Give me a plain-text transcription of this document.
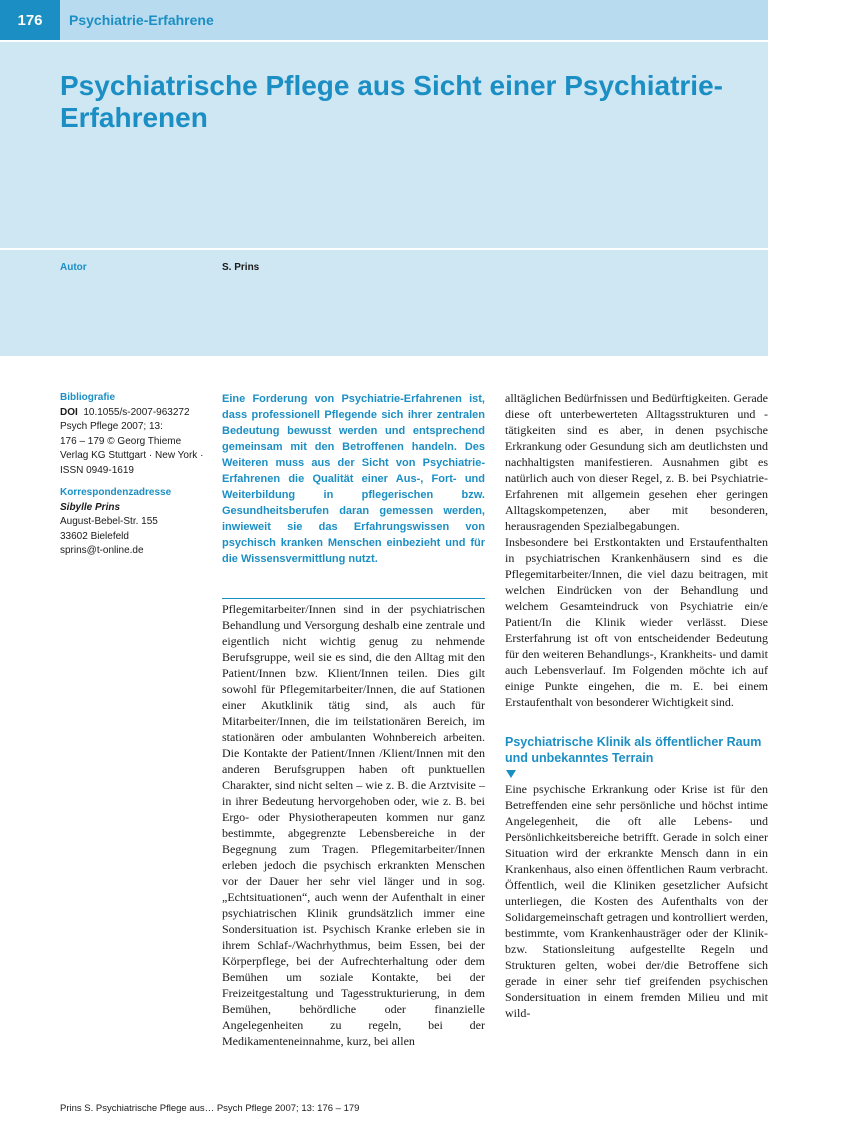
176	Psychiatrie-Erfahrene
Psychiatrische Pflege aus Sicht einer Psychiatrie-Erfahrenen
Autor	S. Prins
Bibliografie
DOI 10.1055/s-2007-963272
Psych Pflege 2007; 13:
176 – 179 © Georg Thieme
Verlag KG Stuttgart · New York ·
ISSN 0949-1619
Korrespondenzadresse
Sibylle Prins
August-Bebel-Str. 155
33602 Bielefeld
sprins@t-online.de
Eine Forderung von Psychiatrie-Erfahrenen ist, dass professionell Pflegende sich ihrer zentralen Bedeutung bewusst werden und entsprechend gemeinsam mit den Betroffenen handeln. Des Weiteren muss aus der Sicht von Psychiatrie-Erfahrenen die Qualität einer Aus-, Fort- und Weiterbildung in pflegerischen bzw. Gesundheitsberufen daran gemessen werden, inwieweit sie das Erfahrungswissen von psychisch kranken Menschen einbezieht und für die Wissensvermittlung nutzt.
Pflegemitarbeiter/Innen sind in der psychiatrischen Behandlung und Versorgung deshalb eine zentrale und eigentlich nicht wichtig genug zu nehmende Berufsgruppe, weil sie es sind, die den Alltag mit den Patient/Innen bzw. Klient/Innen teilen. Dies gilt sowohl für Pflegemitarbeiter/Innen, die auf Stationen einer Akutklinik tätig sind, als auch für Mitarbeiter/Innen, die im teilstationären Bereich, im stationären oder ambulanten Wohnbereich arbeiten. Die Kontakte der Patient/Innen /Klient/Innen mit den anderen Berufsgruppen haben oft punktuellen Charakter, sind nicht selten – wie z. B. die Arztvisite – in ihrer Bedeutung hervorgehoben oder, wie z. B. bei Ergo- oder Physiotherapeuten kommen nur ganz bestimmte, abgegrenzte Lebensbereiche in der Begegnung zum Tragen. Pflegemitarbeiter/Innen erleben jedoch die psychisch erkrankten Menschen vor der Dauer her sehr viel länger und in sog. „Echtsituationen“, auch wenn der Aufenthalt in einer psychiatrischen Klinik grundsätzlich immer eine Sondersituation ist. Psychisch Kranke erleben sie in ihrem Schlaf-/Wachrhythmus, beim Essen, bei der Körperpflege, bei der Aufrechterhaltung oder dem Bemühen um soziale Kontakte, bei der Freizeitgestaltung und Tagesstrukturierung, in dem Bemühen, behördliche oder finanzielle Angelegenheiten zu regeln, bei der Medikamenteneinnahme, kurz, bei allen

alltäglichen Bedürfnissen und Bedürftigkeiten. Gerade diese oft unterbewerteten Alltagsstrukturen und -tätigkeiten sind es aber, in denen psychische Erkrankung oder Gesundung sich am deutlichsten und nachhaltigsten manifestieren. Ausnahmen gibt es natürlich auch von dieser Regel, z. B. bei Psychiatrie-Erfahrenen mit allgemein gesehen eher geringen Alltagskompetenzen, aber mit besonderen, herausragenden Spezialbegabungen.

Insbesondere bei Erstkontakten und Erstaufenthalten in psychiatrischen Krankenhäusern sind es die Pflegemitarbeiter/Innen, die viel dazu beitragen, mit welchen Eindrücken von der Behandlung und welchem Gesamteindruck von Psychiatrie ein/e Patient/In die Klinik wieder verlässt. Diese Ersterfahrung ist oft von entscheidender Bedeutung für den weiteren Behandlungs-, Krankheits- und damit auch Lebensverlauf. Im Folgenden möchte ich auf einige Punkte eingehen, die m. E. bei einem Erstaufenthalt von besonderer Wichtigkeit sind.

Psychiatrische Klinik als öffentlicher Raum und unbekanntes Terrain

Eine psychische Erkrankung oder Krise ist für den Betreffenden eine sehr persönliche und höchst intime Angelegenheit, die oft alle Lebens- und Persönlichkeitsbereiche betrifft. Gerade in solch einer Situation wird der erkrankte Mensch dann in ein Krankenhaus, also einen öffentlichen Raum verbracht. Öffentlich, weil die Kliniken gesetzlicher Aufsicht unterliegen, die Kosten des Aufenthalts von der Solidargemeinschaft getragen und kontrolliert werden, bestimmte, vom Krankenhausträger oder der Klinik- bzw. Stationsleitung aufgestellte Regeln und Strukturen gelten, wobei der/die Betroffene sich gerade in einer sehr tief greifenden psychischen Sondersituation in einem fremden Milieu und mit wild-

Prins S. Psychiatrische Pflege aus… Psych Pflege 2007; 13: 176 – 179
